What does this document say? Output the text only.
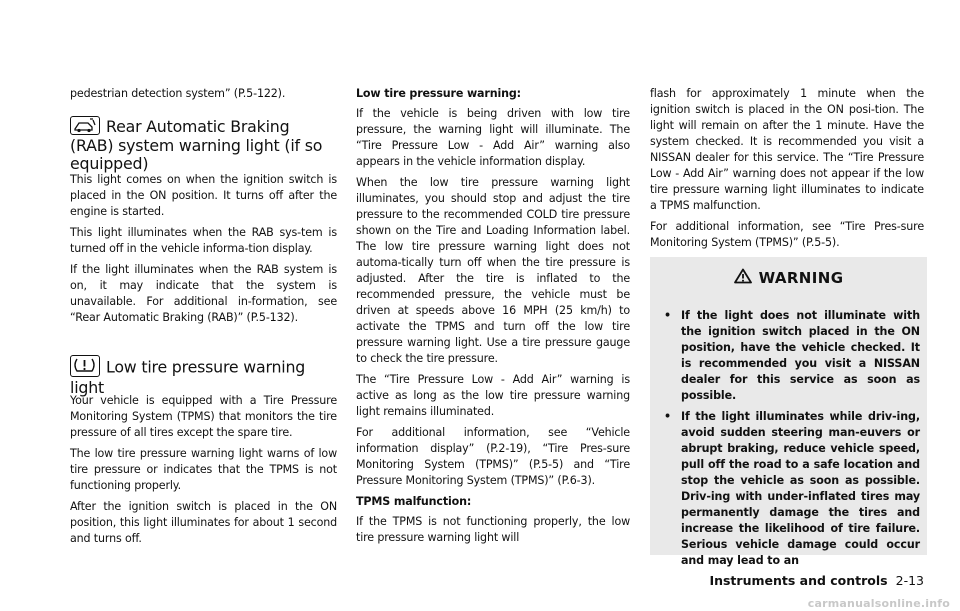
pedestrian detection system” (P.5-122).

Rear Automatic Braking (RAB) system warning light (if so equipped)

This light comes on when the ignition switch is placed in the ON position. It turns off after the engine is started.

This light illuminates when the RAB sys-tem is turned off in the vehicle informa-tion display.

If the light illuminates when the RAB system is on, it may indicate that the system is unavailable. For additional in-formation, see “Rear Automatic Braking (RAB)” (P.5-132).

Low tire pressure warning light

Your vehicle is equipped with a Tire Pressure Monitoring System (TPMS) that monitors the tire pressure of all tires except the spare tire.

The low tire pressure warning light warns of low tire pressure or indicates that the TPMS is not functioning properly.

After the ignition switch is placed in the ON position, this light illuminates for about 1 second and turns off.

Low tire pressure warning:

If the vehicle is being driven with low tire pressure, the warning light will illuminate. The “Tire Pressure Low - Add Air” warning also appears in the vehicle information display.

When the low tire pressure warning light illuminates, you should stop and adjust the tire pressure to the recommended COLD tire pressure shown on the Tire and Loading Information label. The low tire pressure warning light does not automa-tically turn off when the tire pressure is adjusted. After the tire is inflated to the recommended pressure, the vehicle must be driven at speeds above 16 MPH (25 km/h) to activate the TPMS and turn off the low tire pressure warning light. Use a tire pressure gauge to check the tire pressure.

The “Tire Pressure Low - Add Air” warning is active as long as the low tire pressure warning light remains illuminated.

For additional information, see “Vehicle information display” (P.2-19), “Tire Pres-sure Monitoring System (TPMS)” (P.5-5) and “Tire Pressure Monitoring System (TPMS)” (P.6-3).

TPMS malfunction:

If the TPMS is not functioning properly, the low tire pressure warning light will

flash for approximately 1 minute when the ignition switch is placed in the ON posi-tion. The light will remain on after the 1 minute. Have the system checked. It is recommended you visit a NISSAN dealer for this service. The “Tire Pressure Low - Add Air” warning does not appear if the low tire pressure warning light illuminates to indicate a TPMS malfunction.

For additional information, see “Tire Pres-sure Monitoring System (TPMS)” (P.5-5).

WARNING
• If the light does not illuminate with the ignition switch placed in the ON position, have the vehicle checked. It is recommended you visit a NISSAN dealer for this service as soon as possible.
• If the light illuminates while driv-ing, avoid sudden steering man-euvers or abrupt braking, reduce vehicle speed, pull off the road to a safe location and stop the vehicle as soon as possible. Driv-ing with under-inflated tires may permanently damage the tires and increase the likelihood of tire failure. Serious vehicle damage could occur and may lead to an
Instruments and controls 2-13
carmanualsonline.info
